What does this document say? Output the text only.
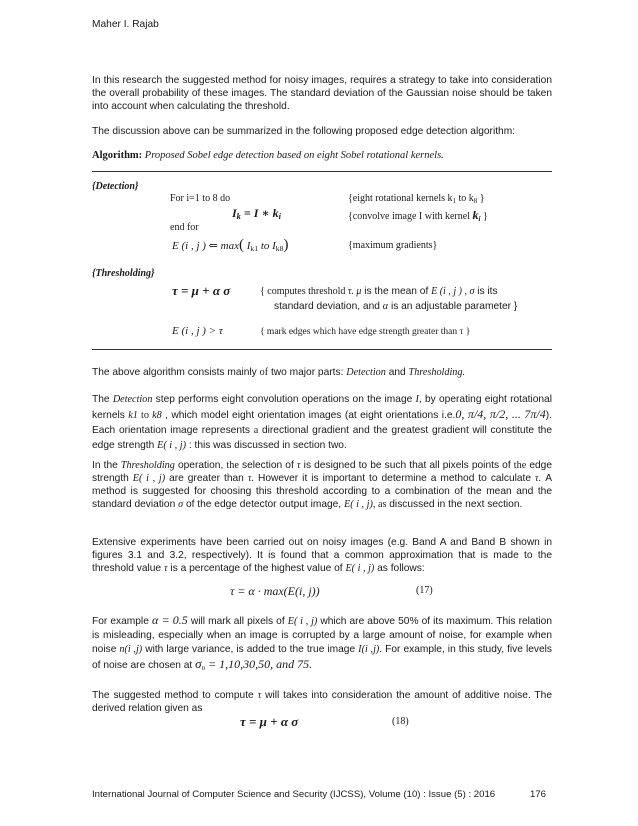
Maher I. Rajab
In this research the suggested method for noisy images, requires a strategy to take into consideration the overall probability of these images. The standard deviation of the Gaussian noise should be taken into account when calculating the threshold.
The discussion above can be summarized in the following proposed edge detection algorithm:
Algorithm: Proposed Sobel edge detection based on eight Sobel rotational kernels.
{Detection}
For i=1 to 8 do	{eight rotational kernels $k_1$ to $k_8$ }
$I_k = I$ ∗ $k_i$	{convolve image I with kernel $k_i$ }
end for
E (i , j ) ⇐ max( $I_{k1}$ to $I_{k8}$)	{maximum gradients}
{Thresholding}
τ = μ + α σ	{ computes threshold τ. μ is the mean of E (i , j ) , σ is its
standard deviation, and α is an adjustable parameter }
E (i , j ) > τ	{ mark edges which have edge strength greater than τ }
The above algorithm consists mainly of two major parts: Detection and Thresholding.
The Detection step performs eight convolution operations on the image I, by operating eight rotational kernels k1 to k8 , which model eight orientation images (at eight orientations i.e.0, π/4, π/2, ... 7π/4). Each orientation image represents a directional gradient and the greatest gradient will constitute the edge strength E( i , j) : this was discussed in section two.
In the Thresholding operation, the selection of τ is designed to be such that all pixels points of the edge strength E( i , j) are greater than τ. However it is important to determine a method to calculate τ. A method is suggested for choosing this threshold according to a combination of the mean and the standard deviation σ of the edge detector output image, E( i , j), as discussed in the next section.
Extensive experiments have been carried out on noisy images (e.g. Band A and Band B shown in figures 3.1 and 3.2, respectively). It is found that a common approximation that is made to the threshold value τ is a percentage of the highest value of E( i , j) as follows:
τ = α · max(E(i, j))	(17)
For example α = 0.5 will mark all pixels of E( i , j) which are above 50% of its maximum. This relation is misleading, especially when an image is corrupted by a large amount of noise, for example when noise n(i ,j) with large variance, is added to the true image I(i ,j). For example, in this study, five levels of noise are chosen at $\sigma_n = 1,10,30,50$, and 75.
The suggested method to compute τ will takes into consideration the amount of additive noise. The derived relation given as
τ = μ + α σ	(18)
International Journal of Computer Science and Security (IJCSS), Volume (10) : Issue (5) : 2016	176
